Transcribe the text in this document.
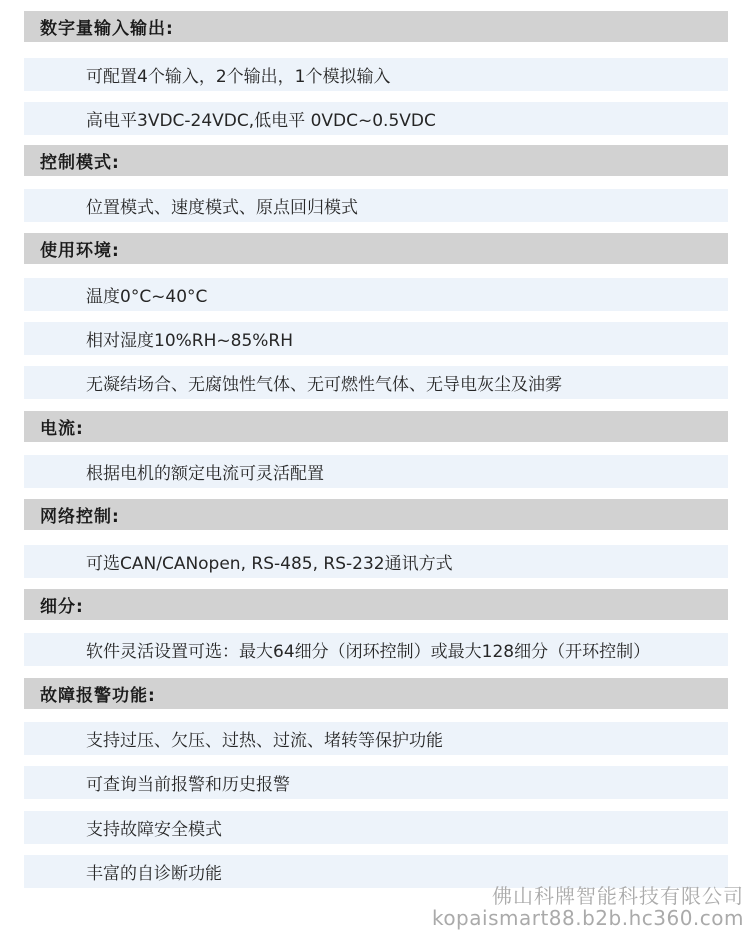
数字量输入输出:
可配置4个输入，2个输出，1个模拟输入
高电平3VDC-24VDC,低电平 0VDC~0.5VDC
控制模式:
位置模式、速度模式、原点回归模式
使用环境:
温度0°C~40°C
相对湿度10%RH~85%RH
无凝结场合、无腐蚀性气体、无可燃性气体、无导电灰尘及油雾
电流:
根据电机的额定电流可灵活配置
网络控制:
可选CAN/CANopen, RS-485, RS-232通讯方式
细分:
软件灵活设置可选：最大64细分（闭环控制）或最大128细分（开环控制）
故障报警功能:
支持过压、欠压、过热、过流、堵转等保护功能
可查询当前报警和历史报警
支持故障安全模式
丰富的自诊断功能
佛山科牌智能科技有限公司
kopaismart88.b2b.hc360.com
